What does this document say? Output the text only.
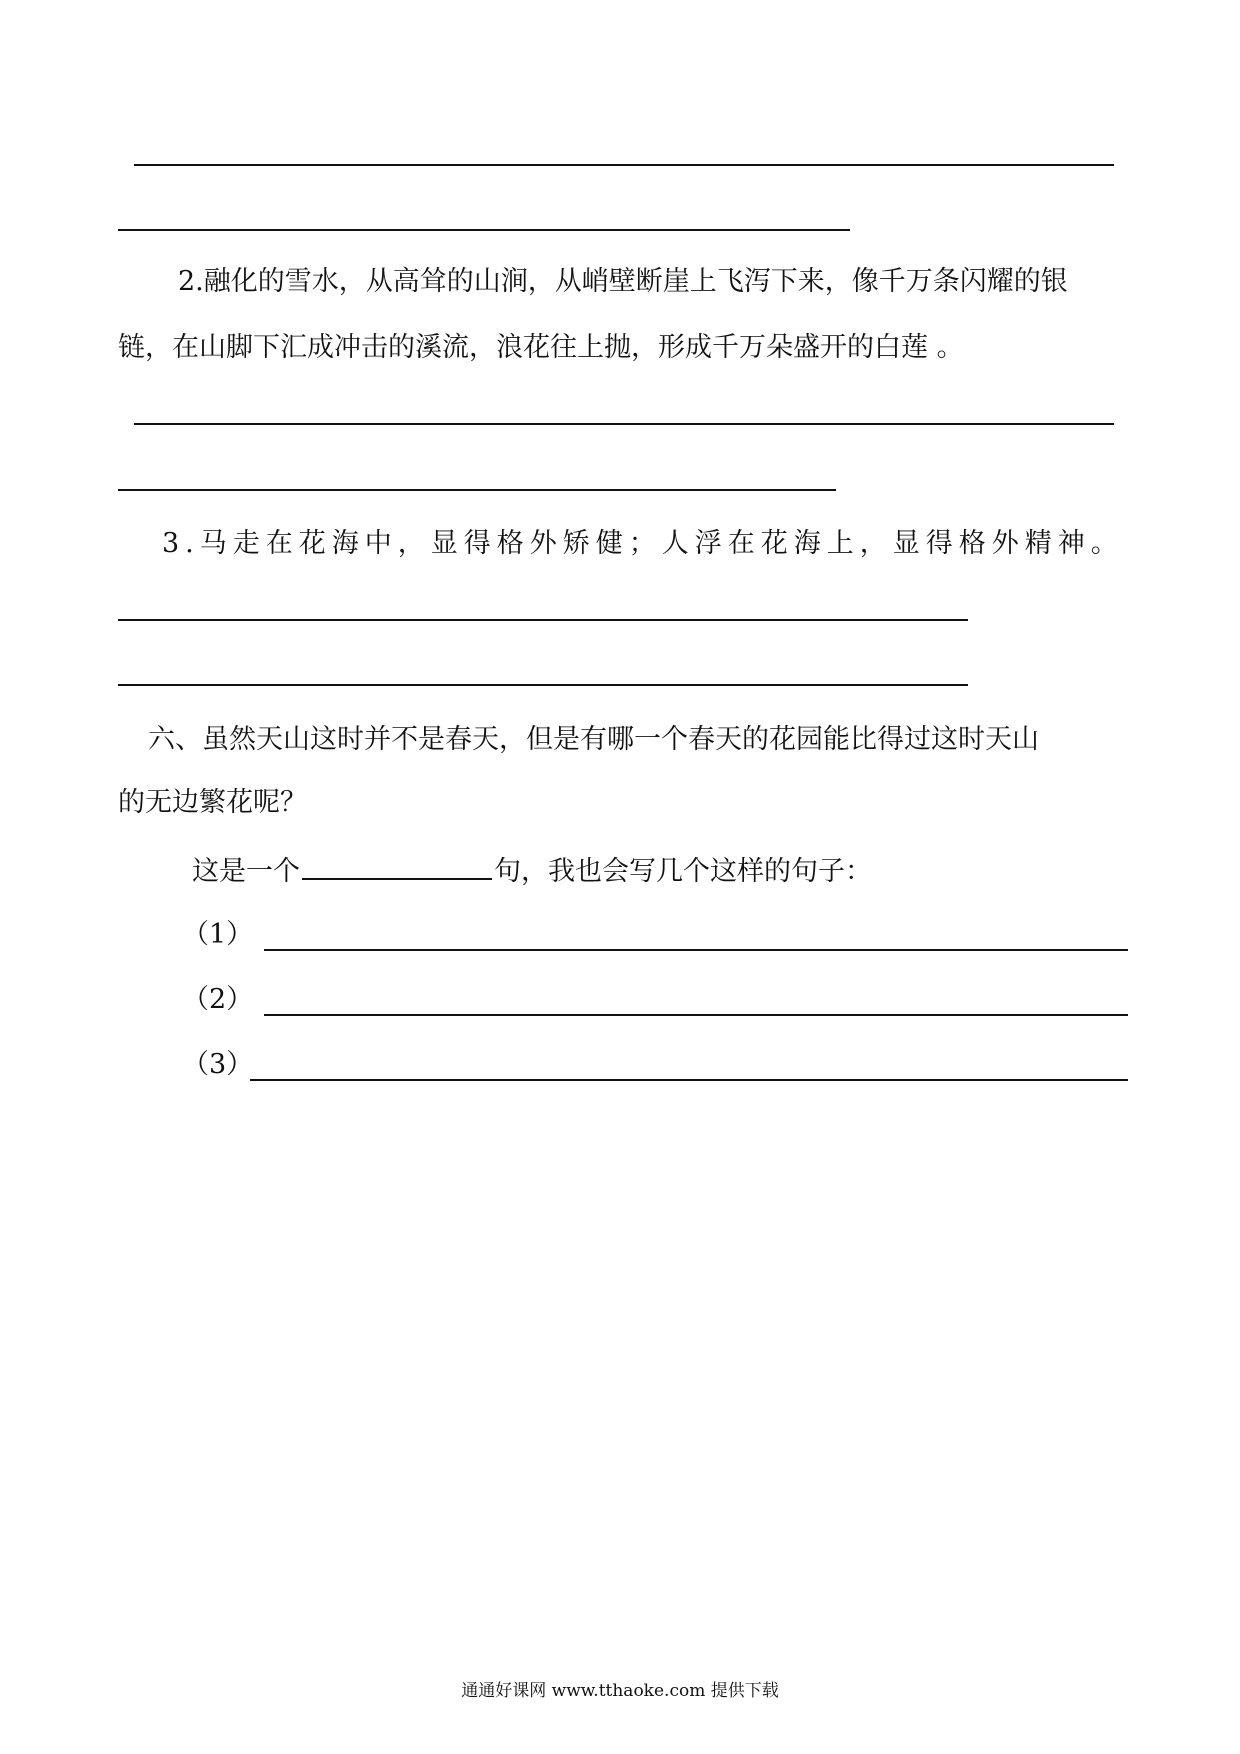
2.融化的雪水，从高耸的山涧，从峭壁断崖上飞泻下来，像千万条闪耀的银
链，在山脚下汇成冲击的溪流，浪花往上抛，形成千万朵盛开的白莲 。
3.马走在花海中，显得格外矫健；人浮在花海上，显得格外精神。
六、虽然天山这时并不是春天，但是有哪一个春天的花园能比得过这时天山
的无边繁花呢？
这是一个	句，我也会写几个这样的句子：
（1）
（2）
（3）
通通好课网 www.tthaoke.com 提供下载
